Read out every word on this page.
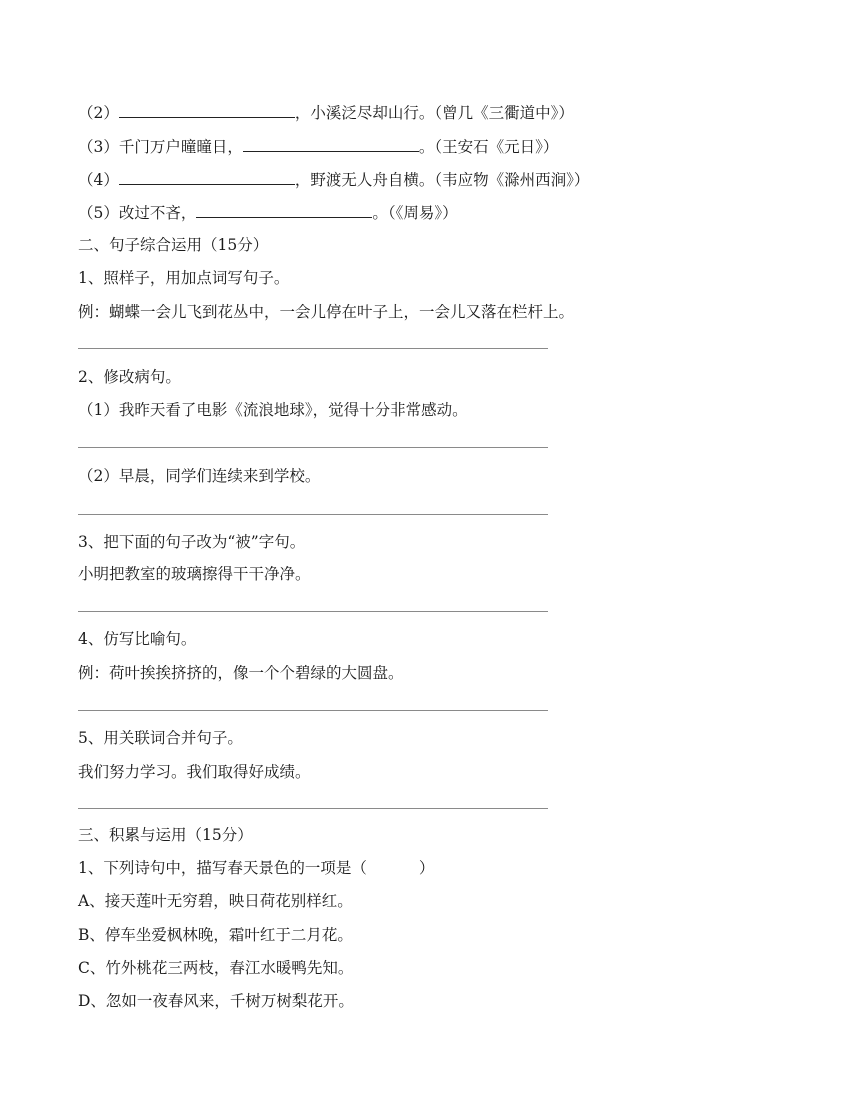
（2）	，小溪泛尽却山行。（曾几《三衢道中》）
（3）千门万户曈曈日，	。（王安石《元日》）
（4）	，野渡无人舟自横。（韦应物《滁州西涧》）
（5）改过不吝，	。（《周易》）
二、句子综合运用（15分）
1、照样子，用加点词写句子。
例：蝴蝶一会儿飞到花丛中，一会儿停在叶子上，一会儿又落在栏杆上。
2、修改病句。
（1）我昨天看了电影《流浪地球》，觉得十分非常感动。
（2）早晨，同学们连续来到学校。
3、把下面的句子改为“被”字句。
小明把教室的玻璃擦得干干净净。
4、仿写比喻句。
例：荷叶挨挨挤挤的，像一个个碧绿的大圆盘。
5、用关联词合并句子。
我们努力学习。我们取得好成绩。
三、积累与运用（15分）
1、下列诗句中，描写春天景色的一项是（	）
A、接天莲叶无穷碧，映日荷花别样红。
B、停车坐爱枫林晚，霜叶红于二月花。
C、竹外桃花三两枝，春江水暖鸭先知。
D、忽如一夜春风来，千树万树梨花开。
